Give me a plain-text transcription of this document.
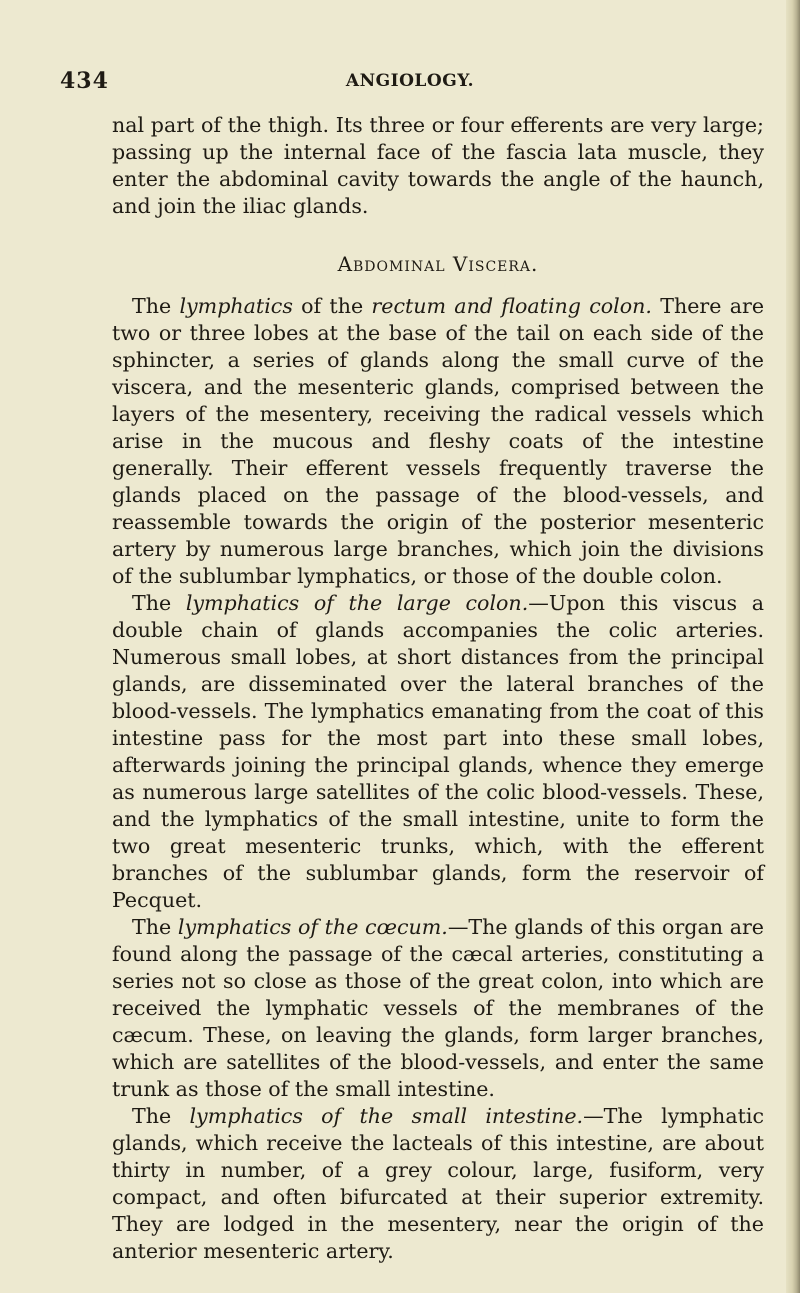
434	ANGIOLOGY.

nal part of the thigh. Its three or four efferents are very large; passing up the internal face of the fascia lata muscle, they enter the abdominal cavity towards the angle of the haunch, and join the iliac glands.

Abdominal Viscera.

The lymphatics of the rectum and floating colon. There are two or three lobes at the base of the tail on each side of the sphincter, a series of glands along the small curve of the viscera, and the mesenteric glands, comprised between the layers of the mesentery, receiving the radical vessels which arise in the mucous and fleshy coats of the intestine generally. Their efferent vessels frequently traverse the glands placed on the passage of the blood-vessels, and reassemble towards the origin of the posterior mesenteric artery by numerous large branches, which join the divisions of the sublumbar lymphatics, or those of the double colon.

The lymphatics of the large colon.—Upon this viscus a double chain of glands accompanies the colic arteries. Numerous small lobes, at short distances from the principal glands, are disseminated over the lateral branches of the blood-vessels. The lymphatics emanating from the coat of this intestine pass for the most part into these small lobes, afterwards joining the principal glands, whence they emerge as numerous large satellites of the colic blood-vessels. These, and the lymphatics of the small intestine, unite to form the two great mesenteric trunks, which, with the efferent branches of the sublumbar glands, form the reservoir of Pecquet.

The lymphatics of the cœcum.—The glands of this organ are found along the passage of the cæcal arteries, constituting a series not so close as those of the great colon, into which are received the lymphatic vessels of the membranes of the cæcum. These, on leaving the glands, form larger branches, which are satellites of the blood-vessels, and enter the same trunk as those of the small intestine.

The lymphatics of the small intestine.—The lymphatic glands, which receive the lacteals of this intestine, are about thirty in number, of a grey colour, large, fusiform, very compact, and often bifurcated at their superior extremity. They are lodged in the mesentery, near the origin of the anterior mesenteric artery.
